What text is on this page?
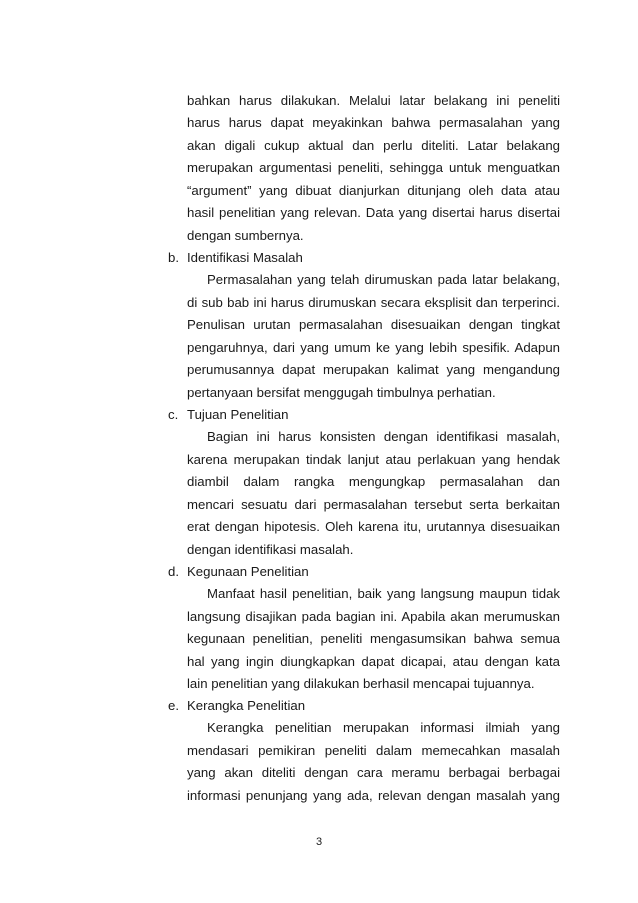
bahkan harus dilakukan. Melalui latar belakang ini peneliti
harus harus dapat meyakinkan bahwa permasalahan yang
akan digali cukup aktual dan perlu diteliti. Latar belakang
merupakan argumentasi peneliti, sehingga untuk menguatkan
“argument” yang dibuat dianjurkan ditunjang oleh data atau
hasil penelitian yang relevan. Data yang disertai harus disertai
dengan sumbernya.
b. Identifikasi Masalah
Permasalahan yang telah dirumuskan pada latar belakang,
di sub bab ini harus dirumuskan secara eksplisit dan terperinci.
Penulisan urutan permasalahan disesuaikan dengan tingkat
pengaruhnya, dari yang umum ke yang lebih spesifik. Adapun
perumusannya dapat merupakan kalimat yang mengandung
pertanyaan bersifat menggugah timbulnya perhatian.
c. Tujuan Penelitian
Bagian ini harus konsisten dengan identifikasi masalah,
karena merupakan tindak lanjut atau perlakuan yang hendak
diambil dalam rangka mengungkap permasalahan dan
mencari sesuatu dari permasalahan tersebut serta berkaitan
erat dengan hipotesis. Oleh karena itu, urutannya disesuaikan
dengan identifikasi masalah.
d. Kegunaan Penelitian
Manfaat hasil penelitian, baik yang langsung maupun tidak
langsung disajikan pada bagian ini. Apabila akan merumuskan
kegunaan penelitian, peneliti mengasumsikan bahwa semua
hal yang ingin diungkapkan dapat dicapai, atau dengan kata
lain penelitian yang dilakukan berhasil mencapai tujuannya.
e. Kerangka Penelitian
Kerangka penelitian merupakan informasi ilmiah yang
mendasari pemikiran peneliti dalam memecahkan masalah
yang akan diteliti dengan cara meramu berbagai berbagai
informasi penunjang yang ada, relevan dengan masalah yang
3
